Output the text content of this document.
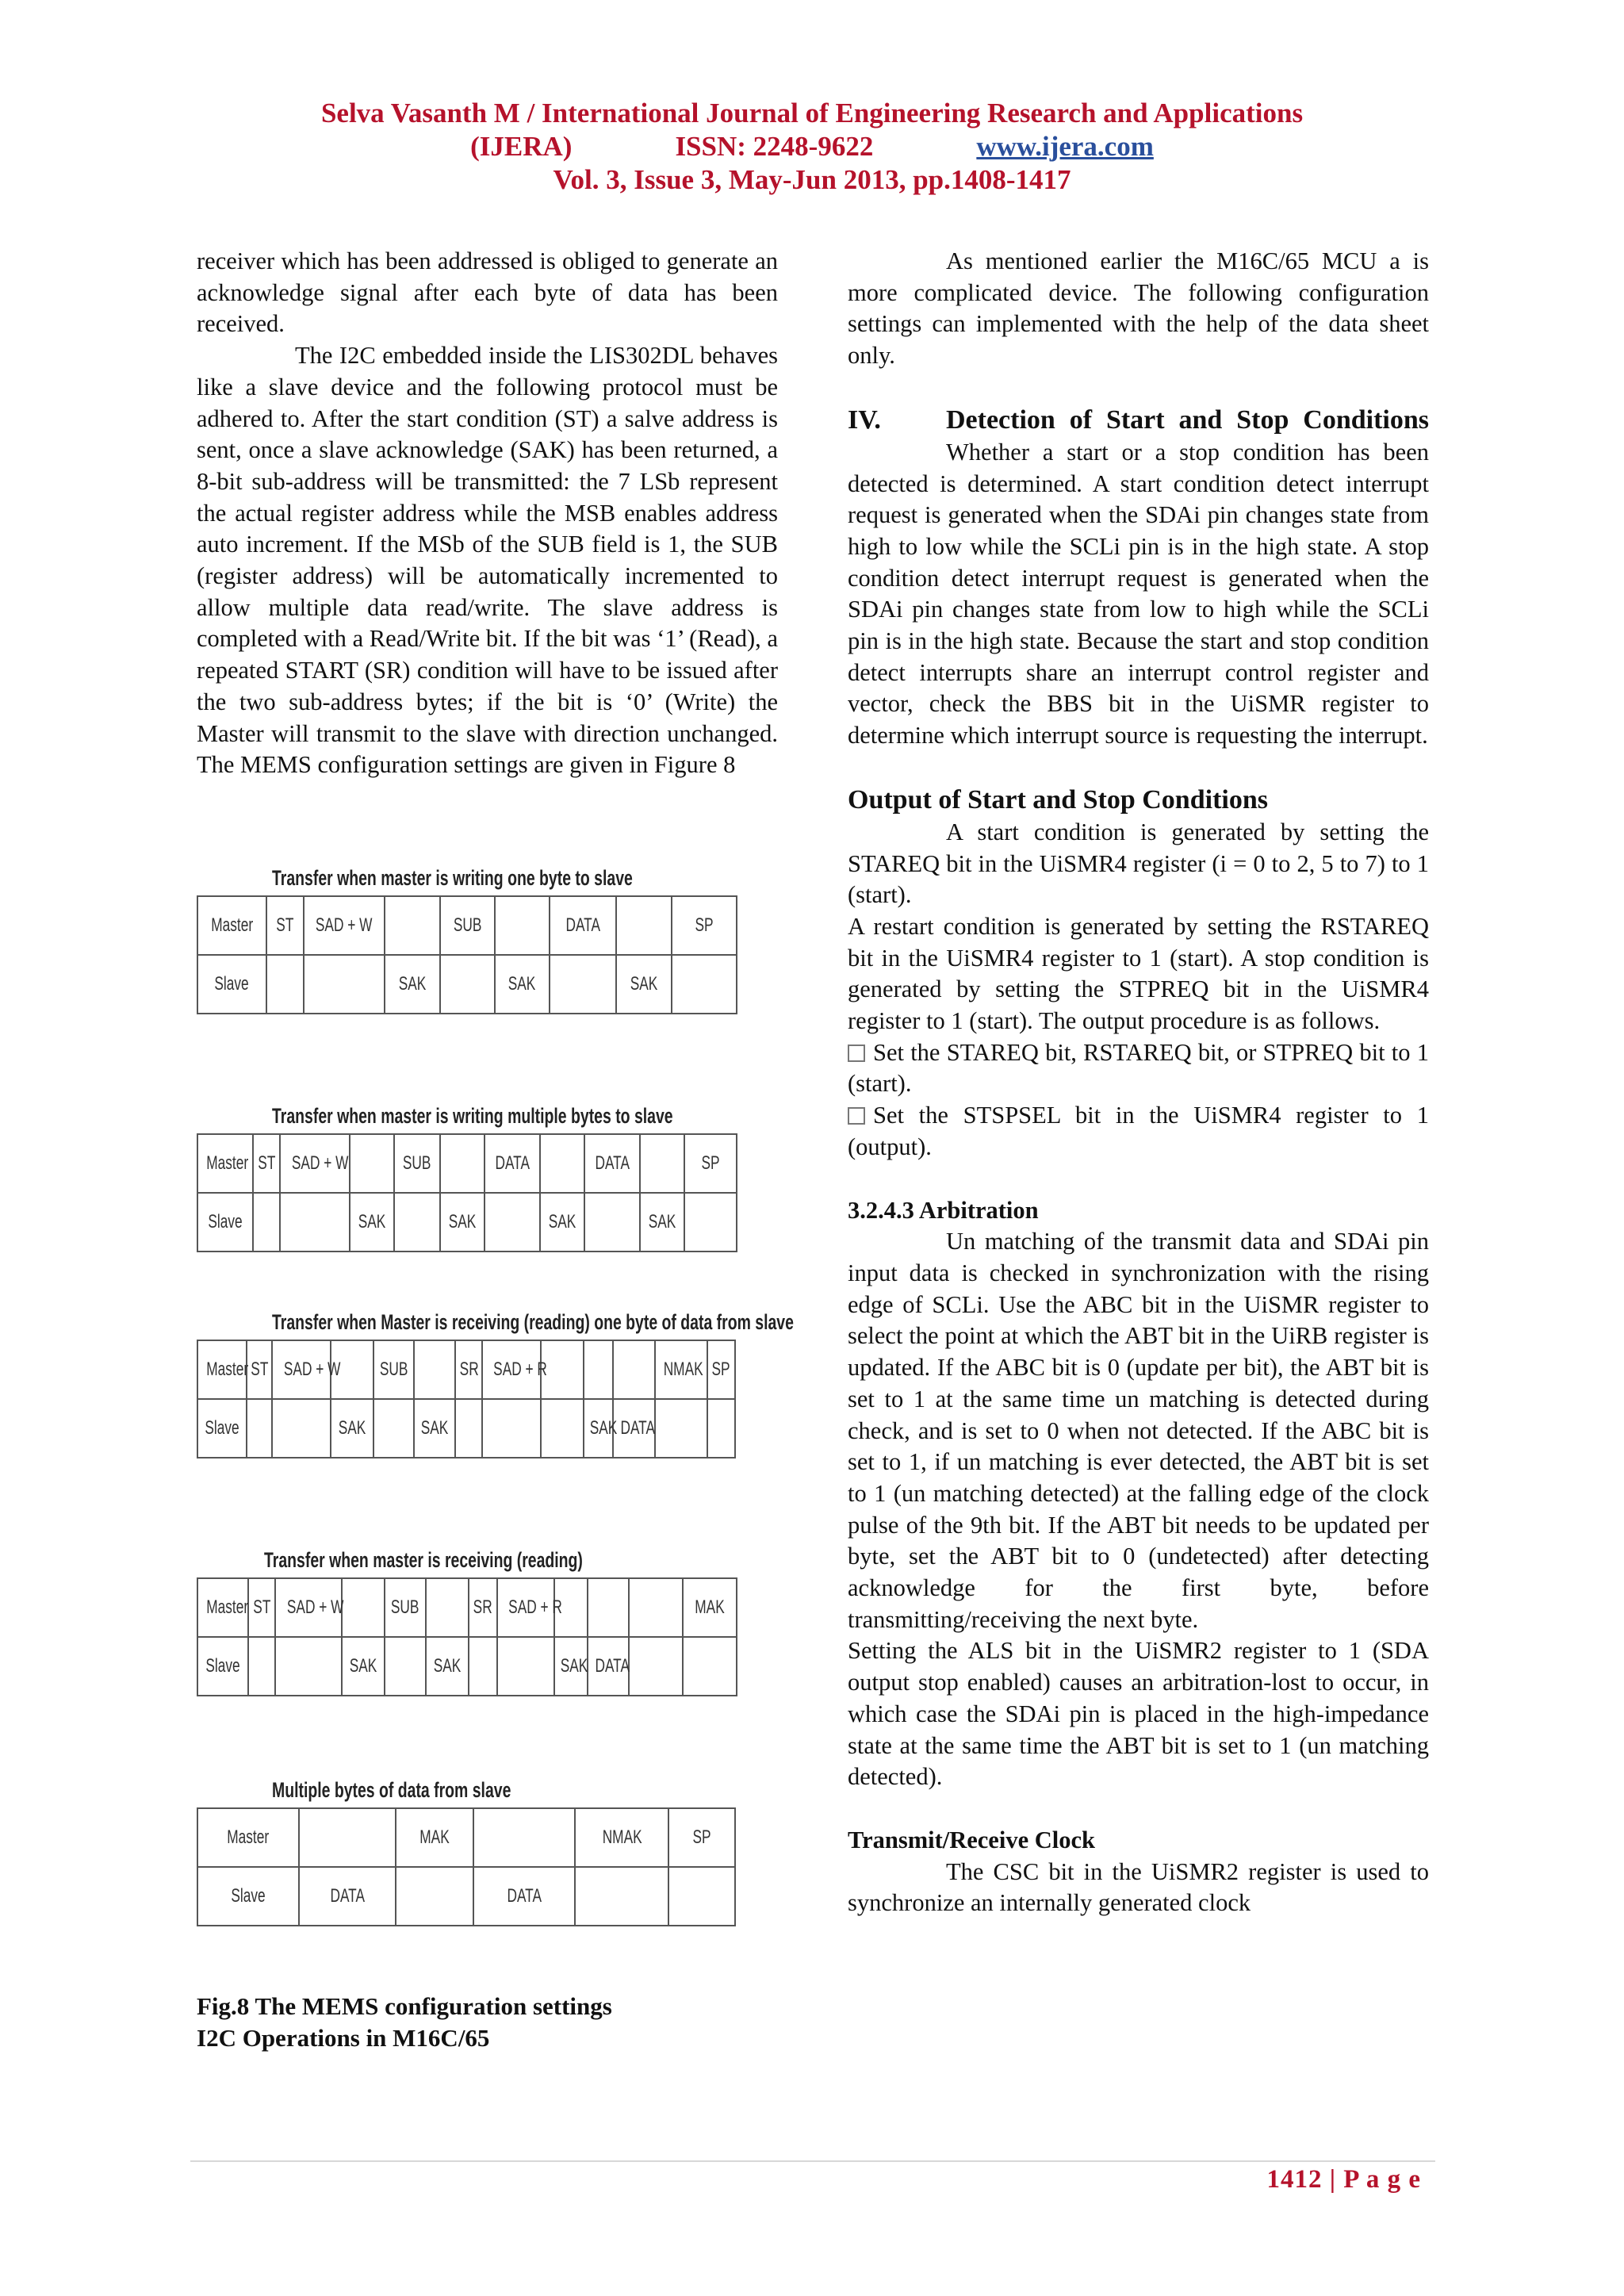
Selva Vasanth M / International Journal of Engineering Research and Applications
(IJERA)	ISSN: 2248-9622	www.ijera.com
Vol. 3, Issue 3, May-Jun 2013, pp.1408-1417

receiver which has been addressed is obliged to generate an acknowledge signal after each byte of data has been received.

The I2C embedded inside the LIS302DL behaves like a slave device and the following protocol must be adhered to. After the start condition (ST) a salve address is sent, once a slave acknowledge (SAK) has been returned, a 8-bit sub-address will be transmitted: the 7 LSb represent the actual register address while the MSB enables address auto increment. If the MSb of the SUB field is 1, the SUB (register address) will be automatically incremented to allow multiple data read/write. The slave address is completed with a Read/Write bit. If the bit was ‘1’ (Read), a repeated START (SR) condition will have to be issued after the two sub-address bytes; if the bit is ‘0’ (Write) the Master will transmit to the slave with direction unchanged. The MEMS configuration settings are given in Figure 8

Transfer when master is writing one byte to slave
Master	ST	SAD + W		SUB		DATA		SP
Slave			SAK		SAK		SAK	
Transfer when master is writing multiple bytes to slave
Master	ST	SAD + W		SUB		DATA		DATA		SP
Slave			SAK		SAK		SAK		SAK	
Transfer when Master is receiving (reading) one byte of data from slave
Master	ST	SAD + W		SUB		SR	SAD + R				NMAK	SP
Slave			SAK		SAK				SAK	DATA		
Transfer when master is receiving (reading)
Master	ST	SAD + W		SUB		SR	SAD + R				MAK
Slave			SAK		SAK			SAK	DATA		
Multiple bytes of data from slave
Master		MAK		NMAK	SP
Slave	DATA		DATA		
Fig.8 The MEMS configuration settings
I2C Operations in M16C/65

As mentioned earlier the M16C/65 MCU a is more complicated device. The following configuration settings can implemented with the help of the data sheet only.

IV.	Detection of Start and Stop Conditions

Whether a start or a stop condition has been detected is determined. A start condition detect interrupt request is generated when the SDAi pin changes state from high to low while the SCLi pin is in the high state. A stop condition detect interrupt request is generated when the SDAi pin changes state from low to high while the SCLi pin is in the high state. Because the start and stop condition detect interrupts share an interrupt control register and vector, check the BBS bit in the UiSMR register to determine which interrupt source is requesting the interrupt.

Output of Start and Stop Conditions

A start condition is generated by setting the STAREQ bit in the UiSMR4 register (i = 0 to 2, 5 to 7) to 1 (start).

A restart condition is generated by setting the RSTAREQ bit in the UiSMR4 register to 1 (start). A stop condition is generated by setting the STPREQ bit in the UiSMR4 register to 1 (start). The output procedure is as follows.

Set the STAREQ bit, RSTAREQ bit, or STPREQ bit to 1 (start).

Set the STSPSEL bit in the UiSMR4 register to 1 (output).

3.2.4.3 Arbitration

Un matching of the transmit data and SDAi pin input data is checked in synchronization with the rising edge of SCLi. Use the ABC bit in the UiSMR register to select the point at which the ABT bit in the UiRB register is updated. If the ABC bit is 0 (update per bit), the ABT bit is set to 1 at the same time un matching is detected during check, and is set to 0 when not detected. If the ABC bit is set to 1, if un matching is ever detected, the ABT bit is set to 1 (un matching detected) at the falling edge of the clock pulse of the 9th bit. If the ABT bit needs to be updated per byte, set the ABT bit to 0 (undetected) after detecting acknowledge for the first byte, before transmitting/receiving the next byte.

Setting the ALS bit in the UiSMR2 register to 1 (SDA output stop enabled) causes an arbitration-lost to occur, in which case the SDAi pin is placed in the high-impedance state at the same time the ABT bit is set to 1 (un matching detected).

Transmit/Receive Clock

The CSC bit in the UiSMR2 register is used to synchronize an internally generated clock

1412 | P a g e
